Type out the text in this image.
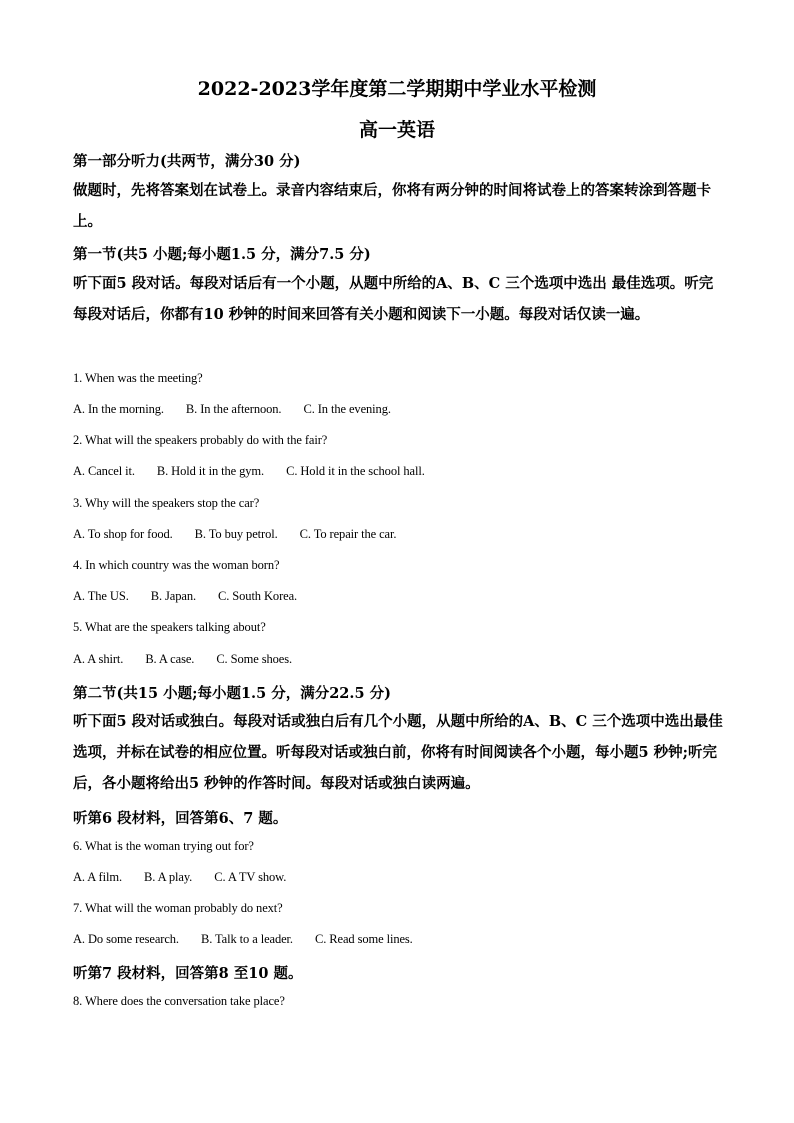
2022-2023学年度第二学期期中学业水平检测
高一英语
第一部分听力(共两节，满分30 分)
做题时，先将答案划在试卷上。录音内容结束后，你将有两分钟的时间将试卷上的答案转涂到答题卡上。
第一节(共5 小题;每小题1.5 分，满分7.5 分)
听下面5 段对话。每段对话后有一个小题，从题中所给的A、B、C 三个选项中选出 最佳选项。听完每段对话后，你都有10 秒钟的时间来回答有关小题和阅读下一小题。每段对话仅读一遍。
1. When was the meeting?
A. In the morning. B. In the afternoon. C. In the evening.
2. What will the speakers probably do with the fair?
A. Cancel it. B. Hold it in the gym. C. Hold it in the school hall.
3. Why will the speakers stop the car?
A. To shop for food. B. To buy petrol. C. To repair the car.
4. In which country was the woman born?
A. The US. B. Japan. C. South Korea.
5. What are the speakers talking about?
A. A shirt. B. A case. C. Some shoes.
第二节(共15 小题;每小题1.5 分，满分22.5 分)
听下面5 段对话或独白。每段对话或独白后有几个小题，从题中所给的A、B、C 三个选项中选出最佳选项，并标在试卷的相应位置。听每段对话或独白前，你将有时间阅读各个小题，每小题5 秒钟;听完后，各小题将给出5 秒钟的作答时间。每段对话或独白读两遍。
听第6 段材料，回答第6、7 题。
6. What is the woman trying out for?
A. A film. B. A play. C. A TV show.
7. What will the woman probably do next?
A. Do some research. B. Talk to a leader. C. Read some lines.
听第7 段材料，回答第8 至10 题。
8. Where does the conversation take place?
